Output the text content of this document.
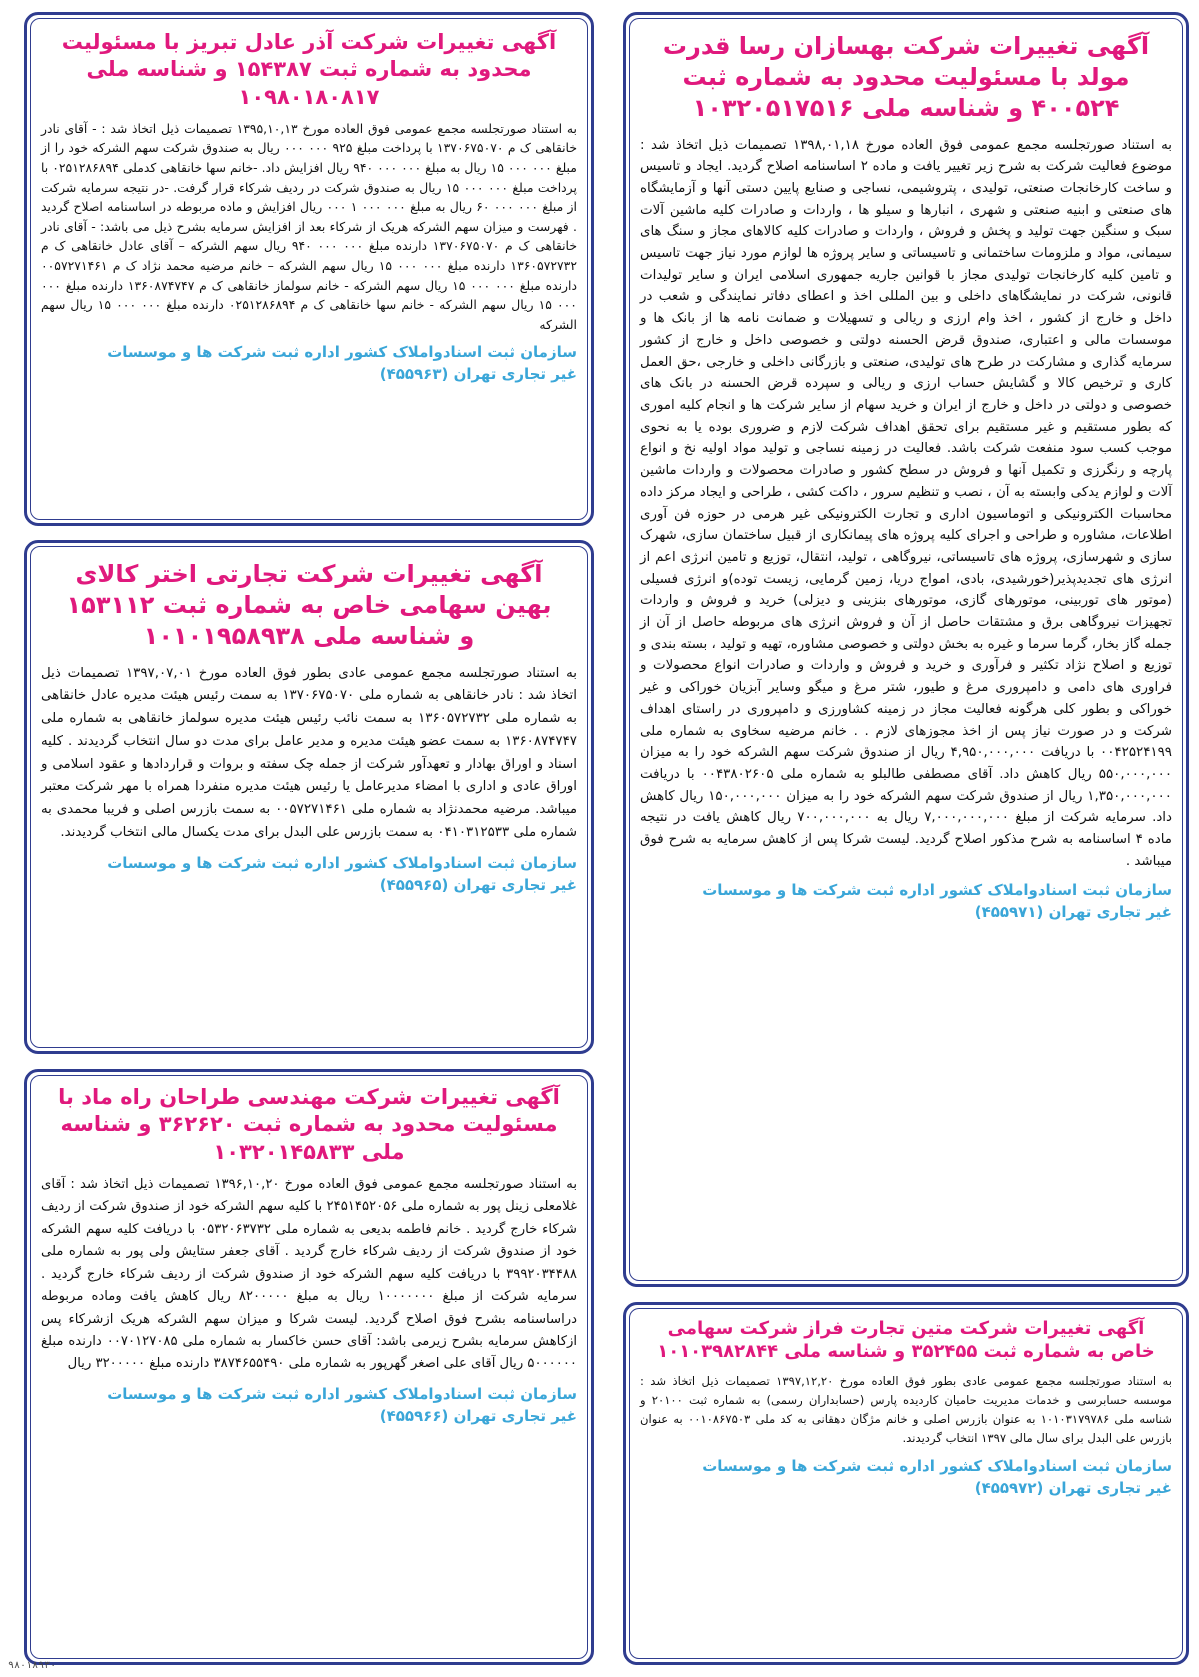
آگهی تغییرات شرکت بهسازان رسا قدرت مولد با مسئولیت محدود به شماره ثبت ۴۰۰۵۲۴ و شناسه ملی ۱۰۳۲۰۵۱۷۵۱۶

به استناد صورتجلسه مجمع عمومی فوق العاده مورخ ۱۳۹۸,۰۱,۱۸ تصمیمات ذیل اتخاذ شد : موضوع فعالیت شرکت به شرح زیر تغییر یافت و ماده ۲ اساسنامه اصلاح گردید. ایجاد و تاسیس و ساخت کارخانجات صنعتی، تولیدی ، پتروشیمی، نساجی و صنایع پایین دستی آنها و آزمایشگاه های صنعتی و ابنیه صنعتی و شهری ، انبارها و سیلو ها ، واردات و صادرات کلیه ماشین آلات سبک و سنگین جهت تولید و پخش و فروش ، واردات و صادرات کلیه کالاهای مجاز و سنگ های سیمانی، مواد و ملزومات ساختمانی و تاسیساتی و سایر پروژه ها لوازم مورد نیاز جهت تاسیس و تامین کلیه کارخانجات تولیدی مجاز با قوانین جاریه جمهوری اسلامی ایران و سایر تولیدات قانونی، شرکت در نمایشگاهای داخلی و بین المللی اخذ و اعطای دفاتر نمایندگی و شعب در داخل و خارج از کشور ، اخذ وام ارزی و ریالی و تسهیلات و ضمانت نامه ها از بانک ها و موسسات مالی و اعتباری، صندوق قرض الحسنه دولتی و خصوصی داخل و خارج از کشور سرمایه گذاری و مشارکت در طرح های تولیدی، صنعتی و بازرگانی داخلی و خارجی ،حق العمل کاری و ترخیص کالا و گشایش حساب ارزی و ریالی و سپرده قرض الحسنه در بانک های خصوصی و دولتی در داخل و خارج از ایران و خرید سهام از سایر شرکت ها و انجام کلیه اموری که بطور مستقیم و غیر مستقیم برای تحقق اهداف شرکت لازم و ضروری بوده یا به نحوی موجب کسب سود منفعت شرکت باشد. فعالیت در زمینه نساجی و تولید مواد اولیه نخ و انواع پارچه و رنگرزی و تکمیل آنها و فروش در سطح کشور و صادرات محصولات و واردات ماشین آلات و لوازم یدکی وابسته به آن ، نصب و تنظیم سرور ، داکت کشی ، طراحی و ایجاد مرکز داده محاسبات الکترونیکی و اتوماسیون اداری و تجارت الکترونیکی غیر هرمی در حوزه فن آوری اطلاعات، مشاوره و طراحی و اجرای کلیه پروژه های پیمانکاری از قبیل ساختمان سازی، شهرک سازی و شهرسازی، پروژه های تاسیساتی، نیروگاهی ، تولید، انتقال، توزیع و تامین انرژی اعم از انرژی های تجدیدپذیر(خورشیدی، بادی، امواج دریا، زمین گرمایی، زیست توده)و انرژی فسیلی (موتور های توربینی، موتورهای گازی، موتورهای بنزینی و دیزلی) خرید و فروش و واردات تجهیزات نیروگاهی برق و مشتقات حاصل از آن و فروش انرژی های مربوطه حاصل از آن از جمله گاز بخار، گرما سرما و غیره به بخش دولتی و خصوصی مشاوره، تهیه و تولید ، بسته بندی و توزیع و اصلاح نژاد تکثیر و فرآوری و خرید و فروش و واردات و صادرات انواع محصولات و فراوری های دامی و دامپروری مرغ و طیور، شتر مرغ و میگو وسایر آبزیان خوراکی و غیر خوراکی و بطور کلی هرگونه فعالیت مجاز در زمینه کشاورزی و دامپروری در راستای اهداف شرکت و در صورت نیاز پس از اخذ مجوزهای لازم . . خانم مرضیه سخاوی به شماره ملی ۰۰۴۲۵۲۴۱۹۹ با دریافت ۴,۹۵۰,۰۰۰,۰۰۰ ریال از صندوق شرکت سهم الشرکه خود را به میزان ۵۵۰,۰۰۰,۰۰۰ ریال کاهش داد. آقای مصطفی طالبلو به شماره ملی ۰۰۴۳۸۰۲۶۰۵ با دریافت ۱,۳۵۰,۰۰۰,۰۰۰ ریال از صندوق شرکت سهم الشرکه خود را به میزان ۱۵۰,۰۰۰,۰۰۰ ریال کاهش داد. سرمایه شرکت از مبلغ ۷,۰۰۰,۰۰۰,۰۰۰ ریال به ۷۰۰,۰۰۰,۰۰۰ ریال کاهش یافت در نتیجه ماده ۴ اساسنامه به شرح مذکور اصلاح گردید. لیست شرکا پس از کاهش سرمایه به شرح فوق میباشد .

سازمان ثبت اسنادواملاک کشور اداره ثبت شرکت ها و موسسات
غیر تجاری تهران (۴۵۵۹۷۱)
آگهی تغییرات شرکت متین تجارت فراز شرکت سهامی خاص به شماره ثبت ۳۵۲۴۵۵ و شناسه ملی ۱۰۱۰۳۹۸۲۸۴۴

به استناد صورتجلسه مجمع عمومی عادی بطور فوق العاده مورخ ۱۳۹۷,۱۲,۲۰ تصمیمات ذیل اتخاذ شد : موسسه حسابرسی و خدمات مدیریت حامیان کاردیده پارس (حسابداران رسمی) به شماره ثبت ۲۰۱۰۰ و شناسه ملی ۱۰۱۰۳۱۷۹۷۸۶ به عنوان بازرس اصلی و خانم مژگان دهقانی به کد ملی ۰۰۱۰۸۶۷۵۰۳ به عنوان بازرس علی البدل برای سال مالی ۱۳۹۷ انتخاب گردیدند.

سازمان ثبت اسنادواملاک کشور اداره ثبت شرکت ها و موسسات
غیر تجاری تهران (۴۵۵۹۷۲)
آگهی تغییرات شرکت آذر عادل تبریز با مسئولیت محدود به شماره ثبت ۱۵۴۳۸۷ و شناسه ملی ۱۰۹۸۰۱۸۰۸۱۷

به استناد صورتجلسه مجمع عمومی فوق العاده مورخ ۱۳۹۵,۱۰,۱۳ تصمیمات ذیل اتخاذ شد : - آقای نادر خانقاهی ک م ۱۳۷۰۶۷۵۰۷۰ با پرداخت مبلغ ۹۲۵ ۰۰۰ ۰۰۰ ریال به صندوق شرکت سهم الشرکه خود را از مبلغ ۰۰۰ ۰۰۰ ۱۵ ریال به مبلغ ۰۰۰ ۰۰۰ ۹۴۰ ریال افزایش داد. -خانم سها خانقاهی کدملی ۰۲۵۱۲۸۶۸۹۴ با پرداخت مبلغ ۰۰۰ ۰۰۰ ۱۵ ریال به صندوق شرکت در ردیف شرکاء قرار گرفت. -در نتیجه سرمایه شرکت از مبلغ ۰۰۰ ۰۰۰ ۶۰ ریال به مبلغ ۰۰۰ ۰۰۰ ۱ ۰۰۰ ریال افزایش و ماده مربوطه در اساسنامه اصلاح گردید . فهرست و میزان سهم الشرکه هریک از شرکاء بعد از افزایش سرمایه بشرح ذیل می باشد: - آقای نادر خانقاهی ک م ۱۳۷۰۶۷۵۰۷۰ دارنده مبلغ ۰۰۰ ۰۰۰ ۹۴۰ ریال سهم الشرکه – آقای عادل خانقاهی ک م ۱۳۶۰۵۷۲۷۳۲ دارنده مبلغ ۰۰۰ ۰۰۰ ۱۵ ریال سهم الشرکه – خانم مرضیه محمد نژاد ک م ۰۰۵۷۲۷۱۴۶۱ دارنده مبلغ ۰۰۰ ۰۰۰ ۱۵ ریال سهم الشرکه - خانم سولماز خانقاهی ک م ۱۳۶۰۸۷۴۷۴۷ دارنده مبلغ ۰۰۰ ۰۰۰ ۱۵ ریال سهم الشرکه - خانم سها خانقاهی ک م ۰۲۵۱۲۸۶۸۹۴ دارنده مبلغ ۰۰۰ ۰۰۰ ۱۵ ریال سهم الشرکه

سازمان ثبت اسنادواملاک کشور اداره ثبت شرکت ها و موسسات
غیر تجاری تهران (۴۵۵۹۶۳)
آگهی تغییرات شرکت تجارتی اختر کالای بهین سهامی خاص به شماره ثبت ۱۵۳۱۱۲ و شناسه ملی ۱۰۱۰۱۹۵۸۹۳۸

به استناد صورتجلسه مجمع عمومی عادی بطور فوق العاده مورخ ۱۳۹۷,۰۷,۰۱ تصمیمات ذیل اتخاذ شد : نادر خانقاهی به شماره ملی ۱۳۷۰۶۷۵۰۷۰ به سمت رئیس هیئت مدیره عادل خانقاهی به شماره ملی ۱۳۶۰۵۷۲۷۳۲ به سمت نائب رئیس هیئت مدیره سولماز خانقاهی به شماره ملی ۱۳۶۰۸۷۴۷۴۷ به سمت عضو هیئت مدیره و مدیر عامل برای مدت دو سال انتخاب گردیدند . کلیه اسناد و اوراق بهادار و تعهدآور شرکت از جمله چک سفته و بروات و قراردادها و عقود اسلامی و اوراق عادی و اداری با امضاء مدیرعامل یا رئیس هیئت مدیره منفردا همراه با مهر شرکت معتبر میباشد. مرضیه محمدنژاد به شماره ملی ۰۰۵۷۲۷۱۴۶۱ به سمت بازرس اصلی و فریبا محمدی به شماره ملی ۰۴۱۰۳۱۲۵۳۳ به سمت بازرس علی البدل برای مدت یکسال مالی انتخاب گردیدند.

سازمان ثبت اسنادواملاک کشور اداره ثبت شرکت ها و موسسات
غیر تجاری تهران (۴۵۵۹۶۵)
آگهی تغییرات شرکت مهندسی طراحان راه ماد با مسئولیت محدود به شماره ثبت ۳۶۲۶۲۰ و شناسه ملی ۱۰۳۲۰۱۴۵۸۳۳

به استناد صورتجلسه مجمع عمومی فوق العاده مورخ ۱۳۹۶,۱۰,۲۰ تصمیمات ذیل اتخاذ شد : آقای غلامعلی زینل پور به شماره ملی ۲۴۵۱۴۵۲۰۵۶ با کلیه سهم الشرکه خود از صندوق شرکت از ردیف شرکاء خارج گردید . خانم فاطمه بدیعی به شماره ملی ۰۵۳۲۰۶۳۷۳۲ با دریافت کلیه سهم الشرکه خود از صندوق شرکت از ردیف شرکاء خارج گردید . آقای جعفر ستایش ولی پور به شماره ملی ۳۹۹۲۰۳۴۴۸۸ با دریافت کلیه سهم الشرکه خود از صندوق شرکت از ردیف شرکاء خارج گردید . سرمایه شرکت از مبلغ ۱۰۰۰۰۰۰۰ ریال به مبلغ ۸۲۰۰۰۰۰ ریال کاهش یافت وماده مربوطه دراساسنامه بشرح فوق اصلاح گردید. لیست شرکا و میزان سهم الشرکه هریک ازشرکاء پس ازکاهش سرمایه بشرح زیرمی باشد: آقای حسن خاکسار به شماره ملی ۰۰۷۰۱۲۷۰۸۵ دارنده مبلغ ۵۰۰۰۰۰۰ ریال آقای علی اصغر گهرپور به شماره ملی ۳۸۷۴۶۵۵۴۹۰ دارنده مبلغ ۳۲۰۰۰۰۰ ریال

سازمان ثبت اسنادواملاک کشور اداره ثبت شرکت ها و موسسات
غیر تجاری تهران (۴۵۵۹۶۶)
۹۸۰۱۸۹۳۰
